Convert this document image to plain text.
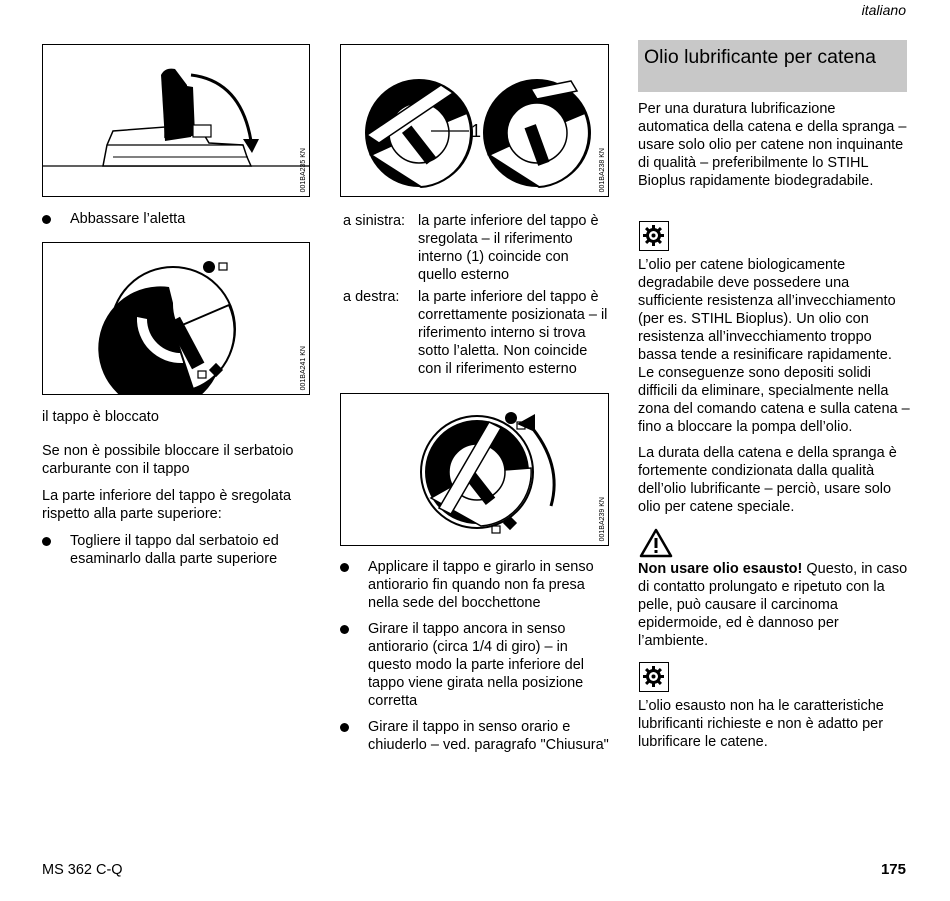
italiano
001BA235 KN
Abbassare l’aletta
001BA241 KN
il tappo è bloccato
Se non è possibile bloccare il serbatoio carburante con il tappo
La parte inferiore del tappo è sregolata rispetto alla parte superiore:
Togliere il tappo dal serbatoio ed esaminarlo dalla parte superiore
1
001BA238 KN
a sinistra: la parte inferiore del tappo è sregolata – il riferimento interno (1) coincide con quello esterno
a destra: la parte inferiore del tappo è correttamente posizionata – il riferimento interno si trova sotto l’aletta. Non coincide con il riferimento esterno
001BA239 KN
Applicare il tappo e girarlo in senso antiorario fin quando non fa presa nella sede del bocchettone
Girare il tappo ancora in senso antiorario (circa 1/4 di giro) – in questo modo la parte inferiore del tappo viene girata nella posizione corretta
Girare il tappo in senso orario e chiuderlo – ved. paragrafo "Chiusura"
Olio lubrificante per catena
Per una duratura lubrificazione automatica della catena e della spranga – usare solo olio per catene non inquinante di qualità – preferibilmente lo STIHL Bioplus rapidamente biodegradabile.
L’olio per catene biologicamente degradabile deve possedere una sufficiente resistenza all’invecchiamento (per es. STIHL Bioplus). Un olio con resistenza all’invecchiamento troppo bassa tende a resinificare rapidamente. Le conseguenze sono depositi solidi difficili da eliminare, specialmente nella zona del comando catena e sulla catena – fino a bloccare la pompa dell’olio.
La durata della catena e della spranga è fortemente condizionata dalla qualità dell’olio lubrificante – perciò, usare solo olio per catene speciale.
Non usare olio esausto! Questo, in caso di contatto prolungato e ripetuto con la pelle, può causare il carcinoma epidermoide, ed è dannoso per l’ambiente.
L’olio esausto non ha le caratteristiche lubrificanti richieste e non è adatto per lubrificare le catene.
MS 362 C-Q	175
